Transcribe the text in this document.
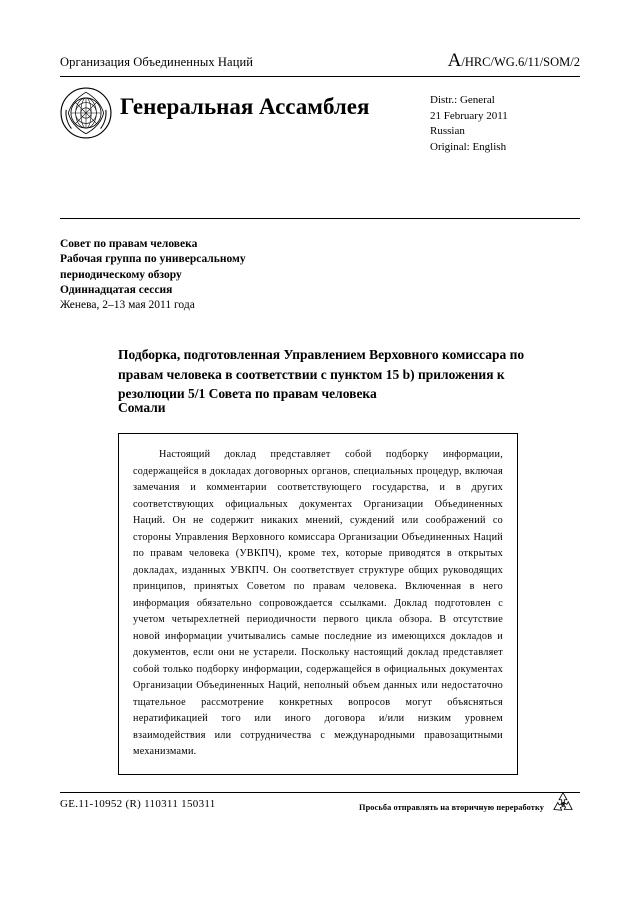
Организация Объединенных Наций	A/HRC/WG.6/11/SOM/2
Генеральная Ассамблея	Distr.: General
21 February 2011
Russian
Original: English
Совет по правам человека
Рабочая группа по универсальному
периодическому обзору
Одиннадцатая сессия
Женева, 2–13 мая 2011 года
Подборка, подготовленная Управлением Верховного комиссара по правам человека в соответствии с пунктом 15 b) приложения к резолюции 5/1 Совета по правам человека
Сомали

Настоящий доклад представляет собой подборку информации, содержащейся в докладах договорных органов, специальных процедур, включая замечания и комментарии соответствующего государства, и в других соответствующих официальных документах Организации Объединенных Наций. Он не содержит никаких мнений, суждений или соображений со стороны Управления Верховного комиссара Организации Объединенных Наций по правам человека (УВКПЧ), кроме тех, которые приводятся в открытых докладах, изданных УВКПЧ. Он соответствует структуре общих руководящих принципов, принятых Советом по правам человека. Включенная в него информация обязательно сопровождается ссылками. Доклад подготовлен с учетом четырехлетней периодичности первого цикла обзора. В отсутствие новой информации учитывались самые последние из имеющихся докладов и документов, если они не устарели. Поскольку настоящий доклад представляет собой только подборку информации, содержащейся в официальных документах Организации Объединенных Наций, неполный объем данных или недостаточно тщательное рассмотрение конкретных вопросов могут объясняться нератификацией того или иного договора и/или низким уровнем взаимодействия или сотрудничества с международными правозащитными механизмами.

GE.11-10952 (R) 110311 150311	Просьба отправлять на вторичную переработку
